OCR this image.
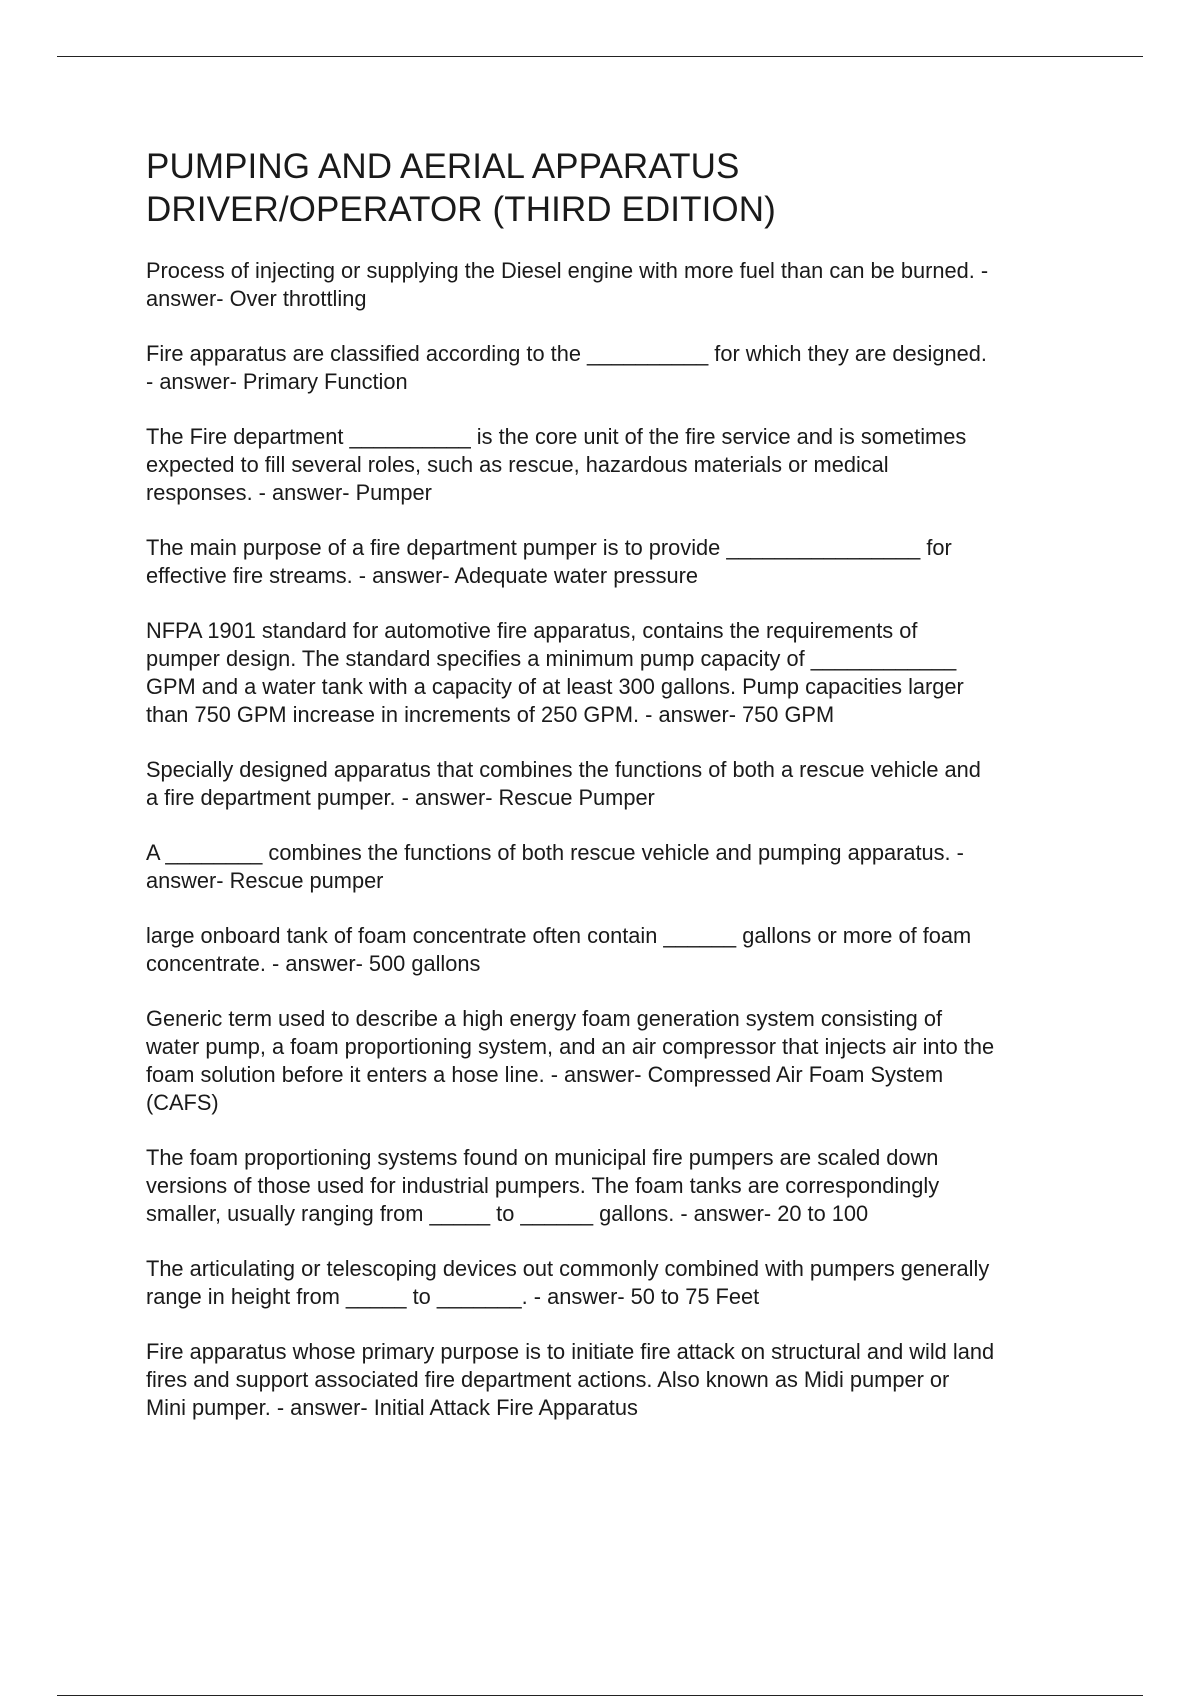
PUMPING AND AERIAL APPARATUS
DRIVER/OPERATOR (THIRD EDITION)

Process of injecting or supplying the Diesel engine with more fuel than can be burned. -
answer- Over throttling

Fire apparatus are classified according to the __________ for which they are designed.
- answer- Primary Function

The Fire department __________ is the core unit of the fire service and is sometimes
expected to fill several roles, such as rescue, hazardous materials or medical
responses. - answer- Pumper

The main purpose of a fire department pumper is to provide ________________ for
effective fire streams. - answer- Adequate water pressure

NFPA 1901 standard for automotive fire apparatus, contains the requirements of
pumper design. The standard specifies a minimum pump capacity of ____________
GPM and a water tank with a capacity of at least 300 gallons. Pump capacities larger
than 750 GPM increase in increments of 250 GPM. - answer- 750 GPM

Specially designed apparatus that combines the functions of both a rescue vehicle and
a fire department pumper. - answer- Rescue Pumper

A ________ combines the functions of both rescue vehicle and pumping apparatus. -
answer- Rescue pumper

large onboard tank of foam concentrate often contain ______ gallons or more of foam
concentrate. - answer- 500 gallons

Generic term used to describe a high energy foam generation system consisting of
water pump, a foam proportioning system, and an air compressor that injects air into the
foam solution before it enters a hose line. - answer- Compressed Air Foam System
(CAFS)

The foam proportioning systems found on municipal fire pumpers are scaled down
versions of those used for industrial pumpers. The foam tanks are correspondingly
smaller, usually ranging from _____ to ______ gallons. - answer- 20 to 100

The articulating or telescoping devices out commonly combined with pumpers generally
range in height from _____ to _______. - answer- 50 to 75 Feet

Fire apparatus whose primary purpose is to initiate fire attack on structural and wild land
fires and support associated fire department actions. Also known as Midi pumper or
Mini pumper. - answer- Initial Attack Fire Apparatus
